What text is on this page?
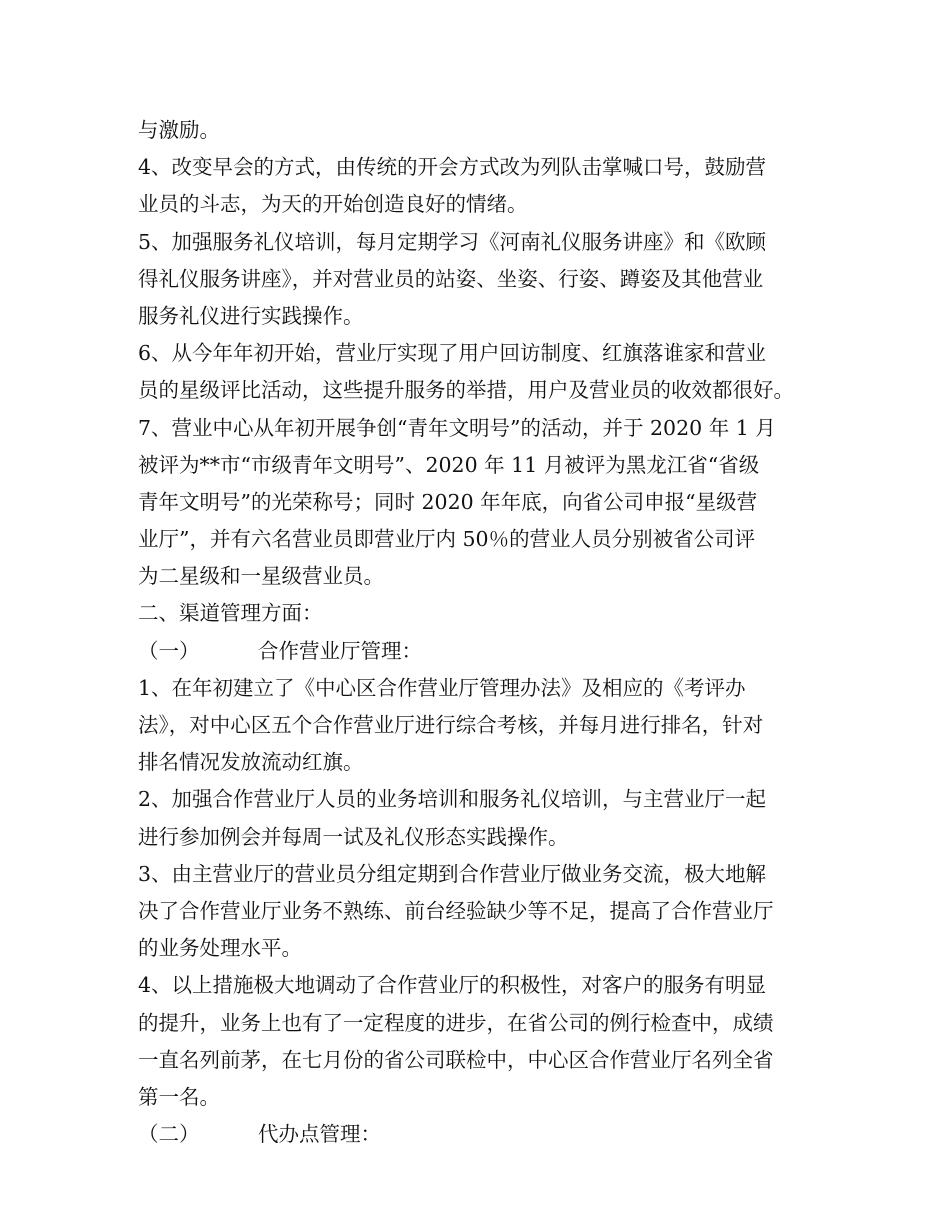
与激励。
4、改变早会的方式，由传统的开会方式改为列队击掌喊口号，鼓励营
业员的斗志，为天的开始创造良好的情绪。
5、加强服务礼仪培训，每月定期学习《河南礼仪服务讲座》和《欧顾
得礼仪服务讲座》，并对营业员的站姿、坐姿、行姿、蹲姿及其他营业
服务礼仪进行实践操作。
6、从今年年初开始，营业厅实现了用户回访制度、红旗落谁家和营业
员的星级评比活动，这些提升服务的举措，用户及营业员的收效都很好。
7、营业中心从年初开展争创“青年文明号”的活动，并于 2020 年 1 月
被评为**市“市级青年文明号”、2020 年 11 月被评为黑龙江省“省级
青年文明号”的光荣称号；同时 2020 年年底，向省公司申报“星级营
业厅”，并有六名营业员即营业厅内 50％的营业人员分别被省公司评
为二星级和一星级营业员。
二、渠道管理方面：
（一）	合作营业厅管理：
1、在年初建立了《中心区合作营业厅管理办法》及相应的《考评办
法》，对中心区五个合作营业厅进行综合考核，并每月进行排名，针对
排名情况发放流动红旗。
2、加强合作营业厅人员的业务培训和服务礼仪培训，与主营业厅一起
进行参加例会并每周一试及礼仪形态实践操作。
3、由主营业厅的营业员分组定期到合作营业厅做业务交流，极大地解
决了合作营业厅业务不熟练、前台经验缺少等不足，提高了合作营业厅
的业务处理水平。
4、以上措施极大地调动了合作营业厅的积极性，对客户的服务有明显
的提升，业务上也有了一定程度的进步，在省公司的例行检查中，成绩
一直名列前茅，在七月份的省公司联检中，中心区合作营业厅名列全省
第一名。
（二）	代办点管理：
